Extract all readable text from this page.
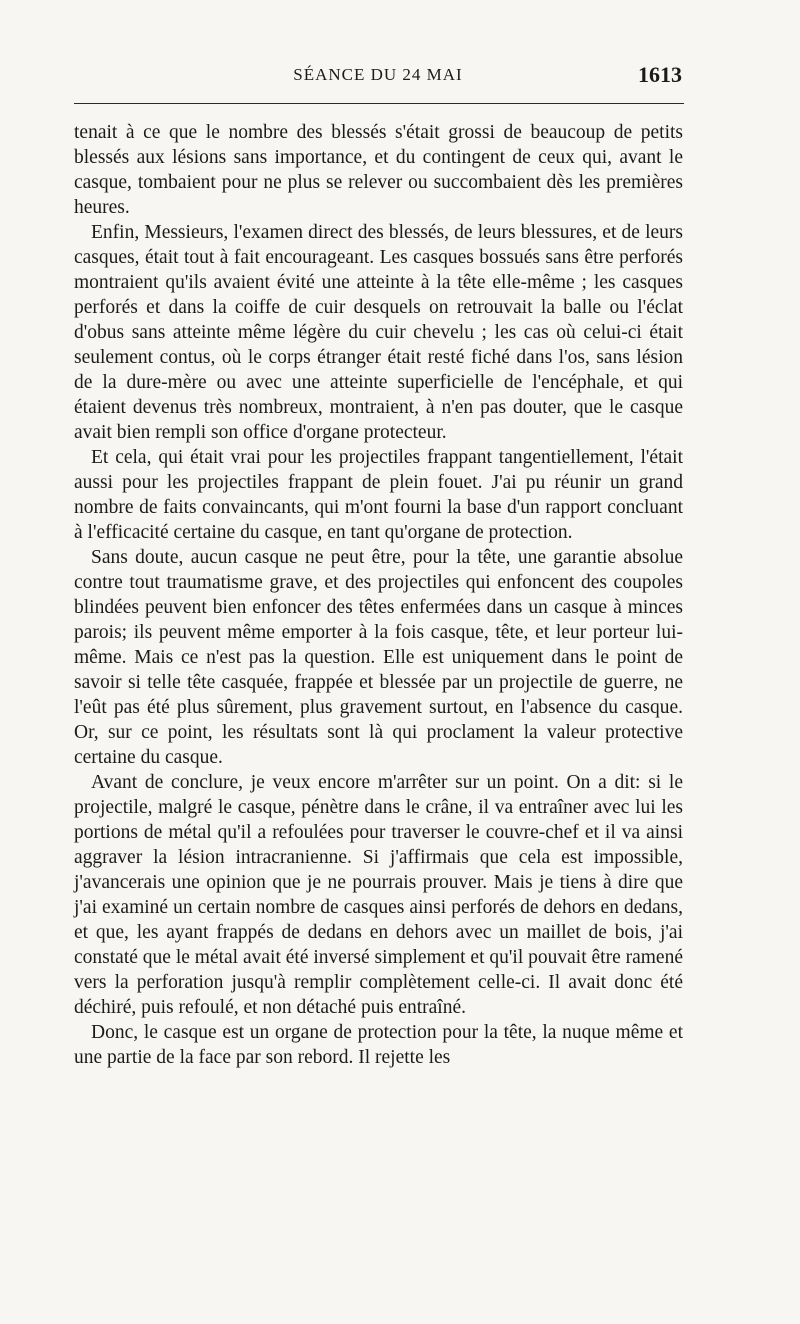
SÉANCE DU 24 MAI	1613

tenait à ce que le nombre des blessés s'était grossi de beaucoup de petits blessés aux lésions sans importance, et du contingent de ceux qui, avant le casque, tombaient pour ne plus se relever ou succombaient dès les premières heures.

Enfin, Messieurs, l'examen direct des blessés, de leurs blessures, et de leurs casques, était tout à fait encourageant. Les casques bossués sans être perforés montraient qu'ils avaient évité une atteinte à la tête elle-même ; les casques perforés et dans la coiffe de cuir desquels on retrouvait la balle ou l'éclat d'obus sans atteinte même légère du cuir chevelu ; les cas où celui-ci était seulement contus, où le corps étranger était resté fiché dans l'os, sans lésion de la dure-mère ou avec une atteinte superficielle de l'encéphale, et qui étaient devenus très nombreux, montraient, à n'en pas douter, que le casque avait bien rempli son office d'organe protecteur.

Et cela, qui était vrai pour les projectiles frappant tangentiellement, l'était aussi pour les projectiles frappant de plein fouet. J'ai pu réunir un grand nombre de faits convaincants, qui m'ont fourni la base d'un rapport concluant à l'efficacité certaine du casque, en tant qu'organe de protection.

Sans doute, aucun casque ne peut être, pour la tête, une garantie absolue contre tout traumatisme grave, et des projectiles qui enfoncent des coupoles blindées peuvent bien enfoncer des têtes enfermées dans un casque à minces parois; ils peuvent même emporter à la fois casque, tête, et leur porteur lui-même. Mais ce n'est pas la question. Elle est uniquement dans le point de savoir si telle tête casquée, frappée et blessée par un projectile de guerre, ne l'eût pas été plus sûrement, plus gravement surtout, en l'absence du casque. Or, sur ce point, les résultats sont là qui proclament la valeur protective certaine du casque.

Avant de conclure, je veux encore m'arrêter sur un point. On a dit: si le projectile, malgré le casque, pénètre dans le crâne, il va entraîner avec lui les portions de métal qu'il a refoulées pour traverser le couvre-chef et il va ainsi aggraver la lésion intracranienne. Si j'affirmais que cela est impossible, j'avancerais une opinion que je ne pourrais prouver. Mais je tiens à dire que j'ai examiné un certain nombre de casques ainsi perforés de dehors en dedans, et que, les ayant frappés de dedans en dehors avec un maillet de bois, j'ai constaté que le métal avait été inversé simplement et qu'il pouvait être ramené vers la perforation jusqu'à remplir complètement celle-ci. Il avait donc été déchiré, puis refoulé, et non détaché puis entraîné.

Donc, le casque est un organe de protection pour la tête, la nuque même et une partie de la face par son rebord. Il rejette les
